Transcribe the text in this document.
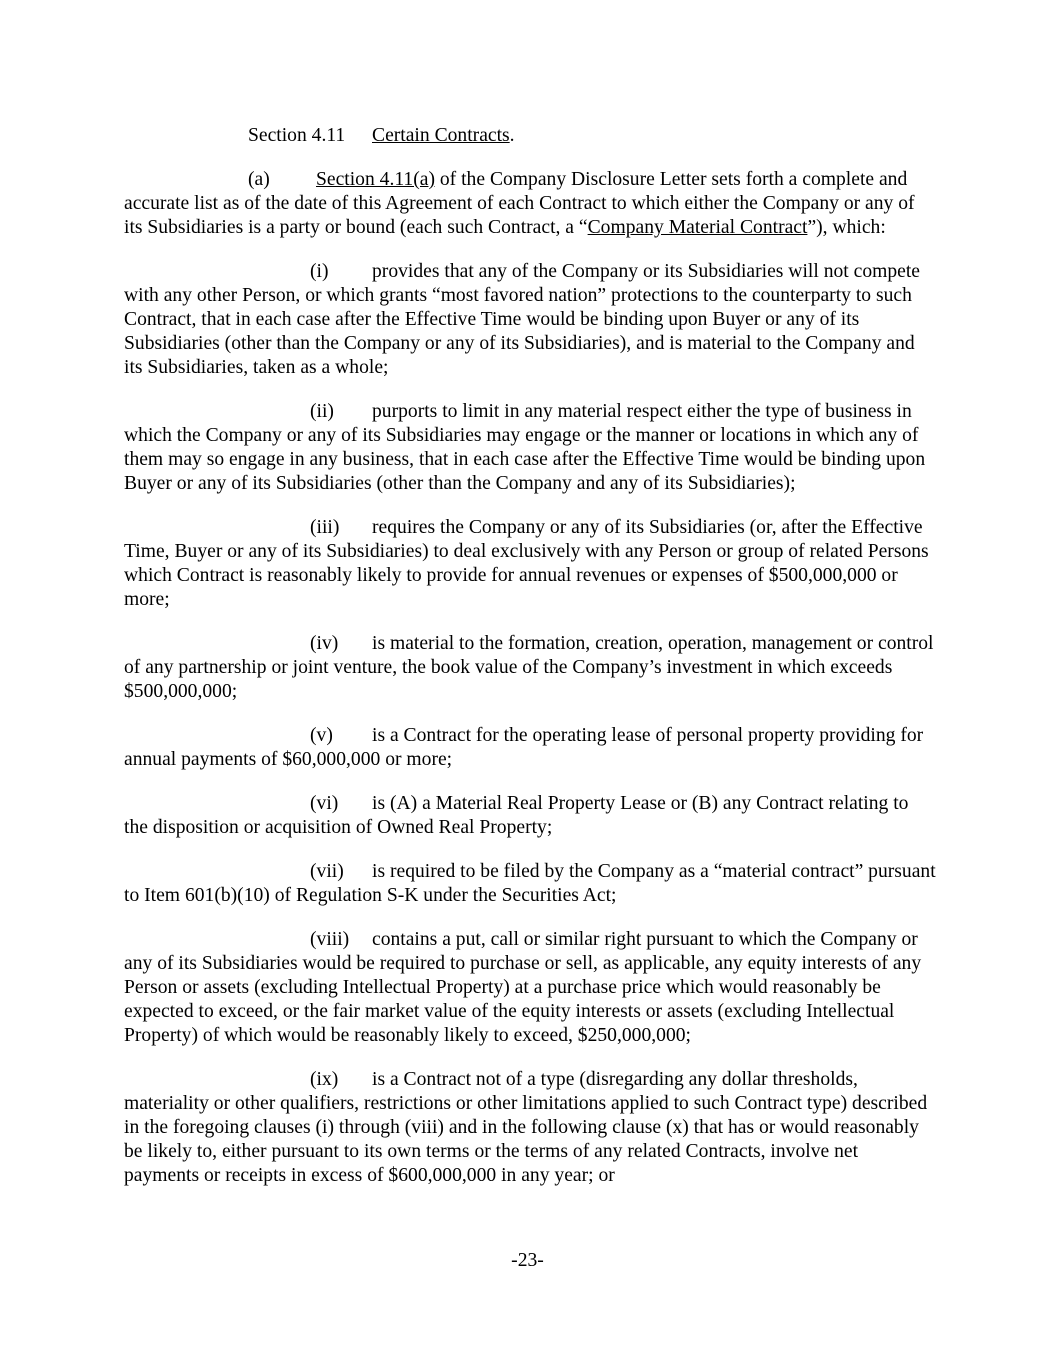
Section 4.11 Certain Contracts.

(a) Section 4.11(a) of the Company Disclosure Letter sets forth a complete and accurate list as of the date of this Agreement of each Contract to which either the Company or any of its Subsidiaries is a party or bound (each such Contract, a “Company Material Contract”), which:

(i) provides that any of the Company or its Subsidiaries will not compete with any other Person, or which grants “most favored nation” protections to the counterparty to such Contract, that in each case after the Effective Time would be binding upon Buyer or any of its Subsidiaries (other than the Company or any of its Subsidiaries), and is material to the Company and its Subsidiaries, taken as a whole;

(ii) purports to limit in any material respect either the type of business in which the Company or any of its Subsidiaries may engage or the manner or locations in which any of them may so engage in any business, that in each case after the Effective Time would be binding upon Buyer or any of its Subsidiaries (other than the Company and any of its Subsidiaries);

(iii) requires the Company or any of its Subsidiaries (or, after the Effective Time, Buyer or any of its Subsidiaries) to deal exclusively with any Person or group of related Persons which Contract is reasonably likely to provide for annual revenues or expenses of $500,000,000 or more;

(iv) is material to the formation, creation, operation, management or control of any partnership or joint venture, the book value of the Company’s investment in which exceeds $500,000,000;

(v) is a Contract for the operating lease of personal property providing for annual payments of $60,000,000 or more;

(vi) is (A) a Material Real Property Lease or (B) any Contract relating to the disposition or acquisition of Owned Real Property;

(vii) is required to be filed by the Company as a “material contract” pursuant to Item 601(b)(10) of Regulation S-K under the Securities Act;

(viii) contains a put, call or similar right pursuant to which the Company or any of its Subsidiaries would be required to purchase or sell, as applicable, any equity interests of any Person or assets (excluding Intellectual Property) at a purchase price which would reasonably be expected to exceed, or the fair market value of the equity interests or assets (excluding Intellectual Property) of which would be reasonably likely to exceed, $250,000,000;

(ix) is a Contract not of a type (disregarding any dollar thresholds, materiality or other qualifiers, restrictions or other limitations applied to such Contract type) described in the foregoing clauses (i) through (viii) and in the following clause (x) that has or would reasonably be likely to, either pursuant to its own terms or the terms of any related Contracts, involve net payments or receipts in excess of $600,000,000 in any year; or

-23-
